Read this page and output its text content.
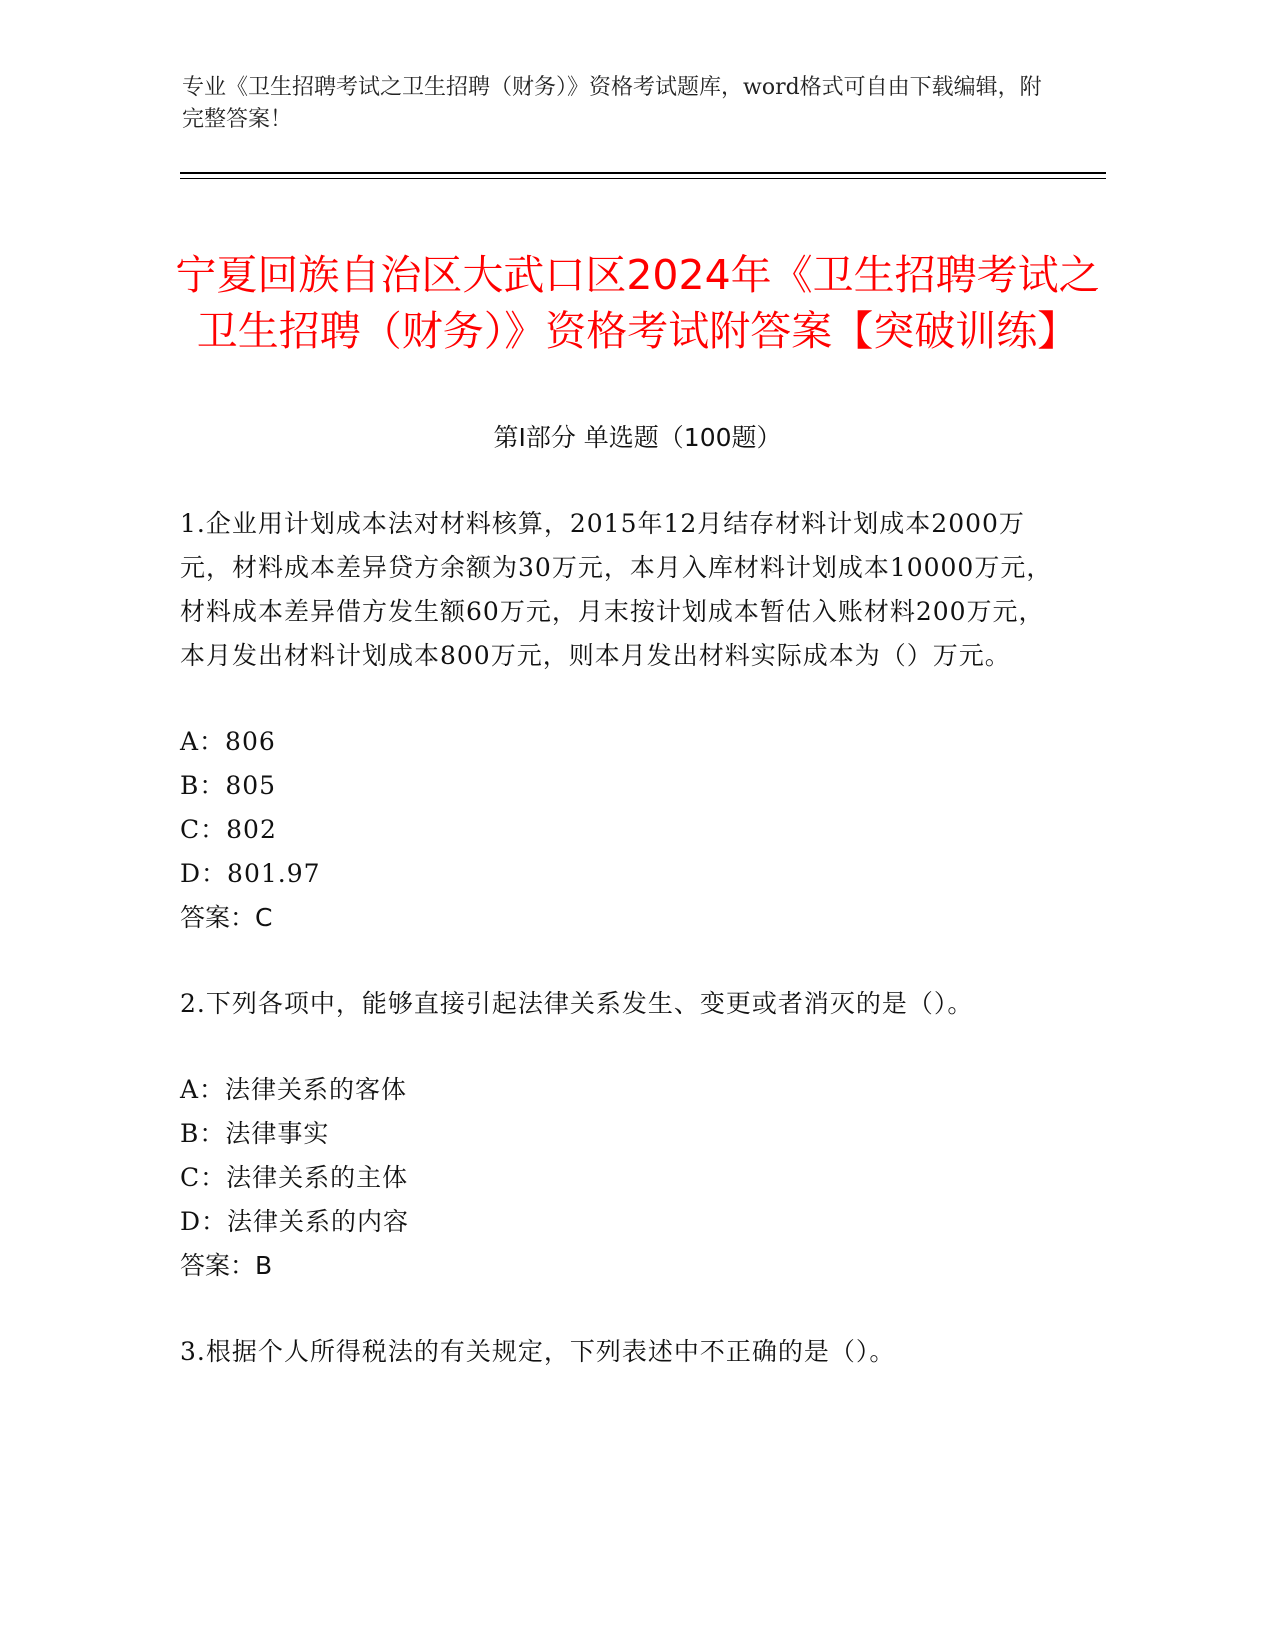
专业《卫生招聘考试之卫生招聘（财务）》资格考试题库，word格式可自由下载编辑，附完整答案！
宁夏回族自治区大武口区2024年《卫生招聘考试之卫生招聘（财务）》资格考试附答案【突破训练】
第I部分 单选题（100题）
1.企业用计划成本法对材料核算，2015年12月结存材料计划成本2000万元，材料成本差异贷方余额为30万元，本月入库材料计划成本10000万元，材料成本差异借方发生额60万元，月末按计划成本暂估入账材料200万元，本月发出材料计划成本800万元，则本月发出材料实际成本为（）万元。
A：806
B：805
C：802
D：801.97
答案：C
2.下列各项中，能够直接引起法律关系发生、变更或者消灭的是（）。
A：法律关系的客体
B：法律事实
C：法律关系的主体
D：法律关系的内容
答案：B
3.根据个人所得税法的有关规定，下列表述中不正确的是（）。
